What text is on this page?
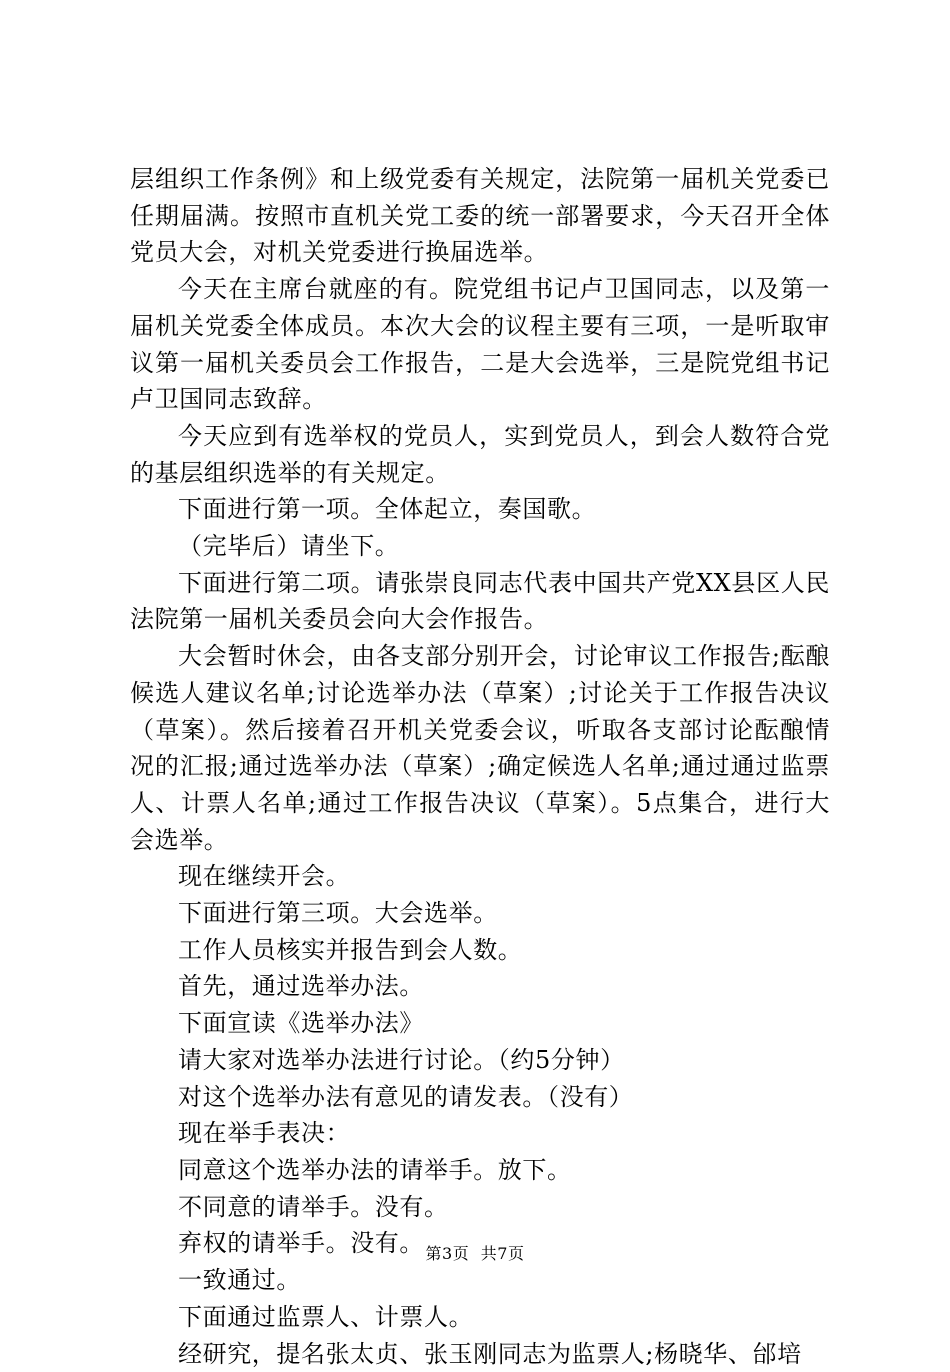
层组织工作条例》和上级党委有关规定，法院第一届机关党委已任期届满。按照市直机关党工委的统一部署要求，今天召开全体党员大会，对机关党委进行换届选举。

今天在主席台就座的有。院党组书记卢卫国同志，以及第一届机关党委全体成员。本次大会的议程主要有三项，一是听取审议第一届机关委员会工作报告，二是大会选举，三是院党组书记卢卫国同志致辞。

今天应到有选举权的党员人，实到党员人，到会人数符合党的基层组织选举的有关规定。

下面进行第一项。全体起立，奏国歌。

（完毕后）请坐下。

下面进行第二项。请张崇良同志代表中国共产党XX县区人民法院第一届机关委员会向大会作报告。

大会暂时休会，由各支部分别开会，讨论审议工作报告;酝酿候选人建议名单;讨论选举办法（草案）;讨论关于工作报告决议（草案）。然后接着召开机关党委会议，听取各支部讨论酝酿情况的汇报;通过选举办法（草案）;确定候选人名单;通过通过监票人、计票人名单;通过工作报告决议（草案）。5点集合，进行大会选举。

现在继续开会。

下面进行第三项。大会选举。

工作人员核实并报告到会人数。

首先，通过选举办法。

下面宣读《选举办法》

请大家对选举办法进行讨论。（约5分钟）

对这个选举办法有意见的请发表。（没有）

现在举手表决：

同意这个选举办法的请举手。放下。

不同意的请举手。没有。

弃权的请举手。没有。

一致通过。

下面通过监票人、计票人。

经研究，提名张太贞、张玉刚同志为监票人;杨晓华、邰培

第3页 共7页
